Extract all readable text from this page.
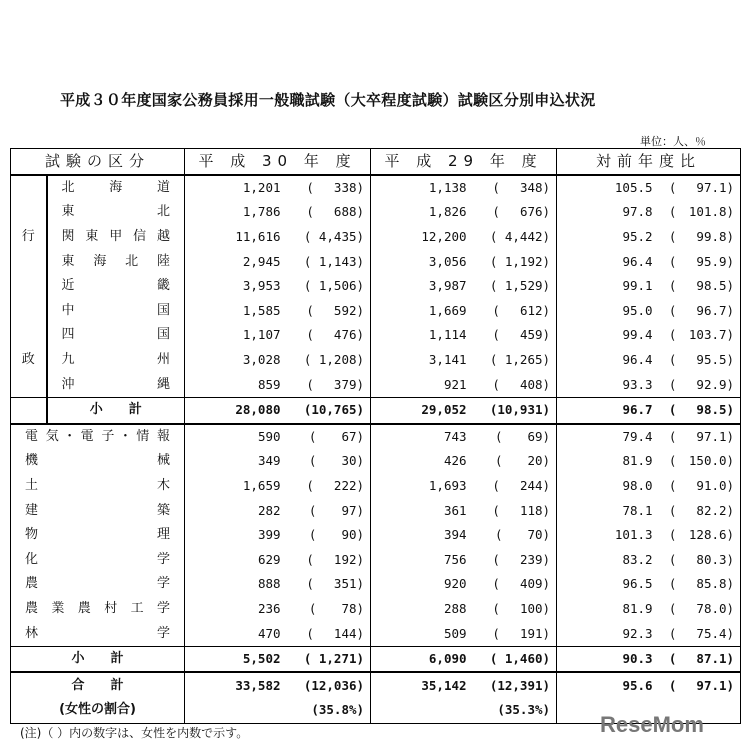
平成３０年度国家公務員採用一般職試験（大卒程度試験）試験区分別申込状況
単位：人、％
試験の区分		平 成 30 年 度		平 成 29 年 度		対前年度比	
	北　海　道	1,201	(　 338)	1,138	(　 348)	105.5	(　 97.1)
	東　　　北	1,786	(　 688)	1,826	(　 676)	97.8	(　101.8)
行	関東甲信越	11,616	( 4,435)	12,200	( 4,442)	95.2	(　 99.8)
	東海北陸	2,945	( 1,143)	3,056	( 1,192)	96.4	(　 95.9)
	近　　　畿	3,953	( 1,506)	3,987	( 1,529)	99.1	(　 98.5)
	中　　　国	1,585	(　 592)	1,669	(　 612)	95.0	(　 96.7)
	四　　　国	1,107	(　 476)	1,114	(　 459)	99.4	(　103.7)
政	九　　　州	3,028	( 1,208)	3,141	( 1,265)	96.4	(　 95.5)
	沖　　　縄	859	(　 379)	921	(　 408)	93.3	(　 92.9)
	小　　計	28,080	(10,765)	29,052	(10,931)	96.7	(　 98.5)
電気･電子･情報		590	(　　67)	743	(　　69)	79.4	(　 97.1)
機　　　　械		349	(　　30)	426	(　　20)	81.9	(　150.0)
土　　　　木		1,659	(　 222)	1,693	(　 244)	98.0	(　 91.0)
建　　　　築		282	(　　97)	361	(　 118)	78.1	(　 82.2)
物　　　　理		399	(　　90)	394	(　　70)	101.3	(　128.6)
化　　　　学		629	(　 192)	756	(　 239)	83.2	(　 80.3)
農　　　　学		888	(　 351)	920	(　 409)	96.5	(　 85.8)
農業農村工学		236	(　　78)	288	(　 100)	81.9	(　 78.0)
林　　　　学		470	(　 144)	509	(　 191)	92.3	(　 75.4)
小　　計		5,502	( 1,271)	6,090	( 1,460)	90.3	(　 87.1)
合　　計		33,582	(12,036)	35,142	(12,391)	95.6	(　 97.1)
(女性の割合)			(35.8%)		(35.3%)		
(注)（ ）内の数字は、女性を内数で示す。	ReseMom
